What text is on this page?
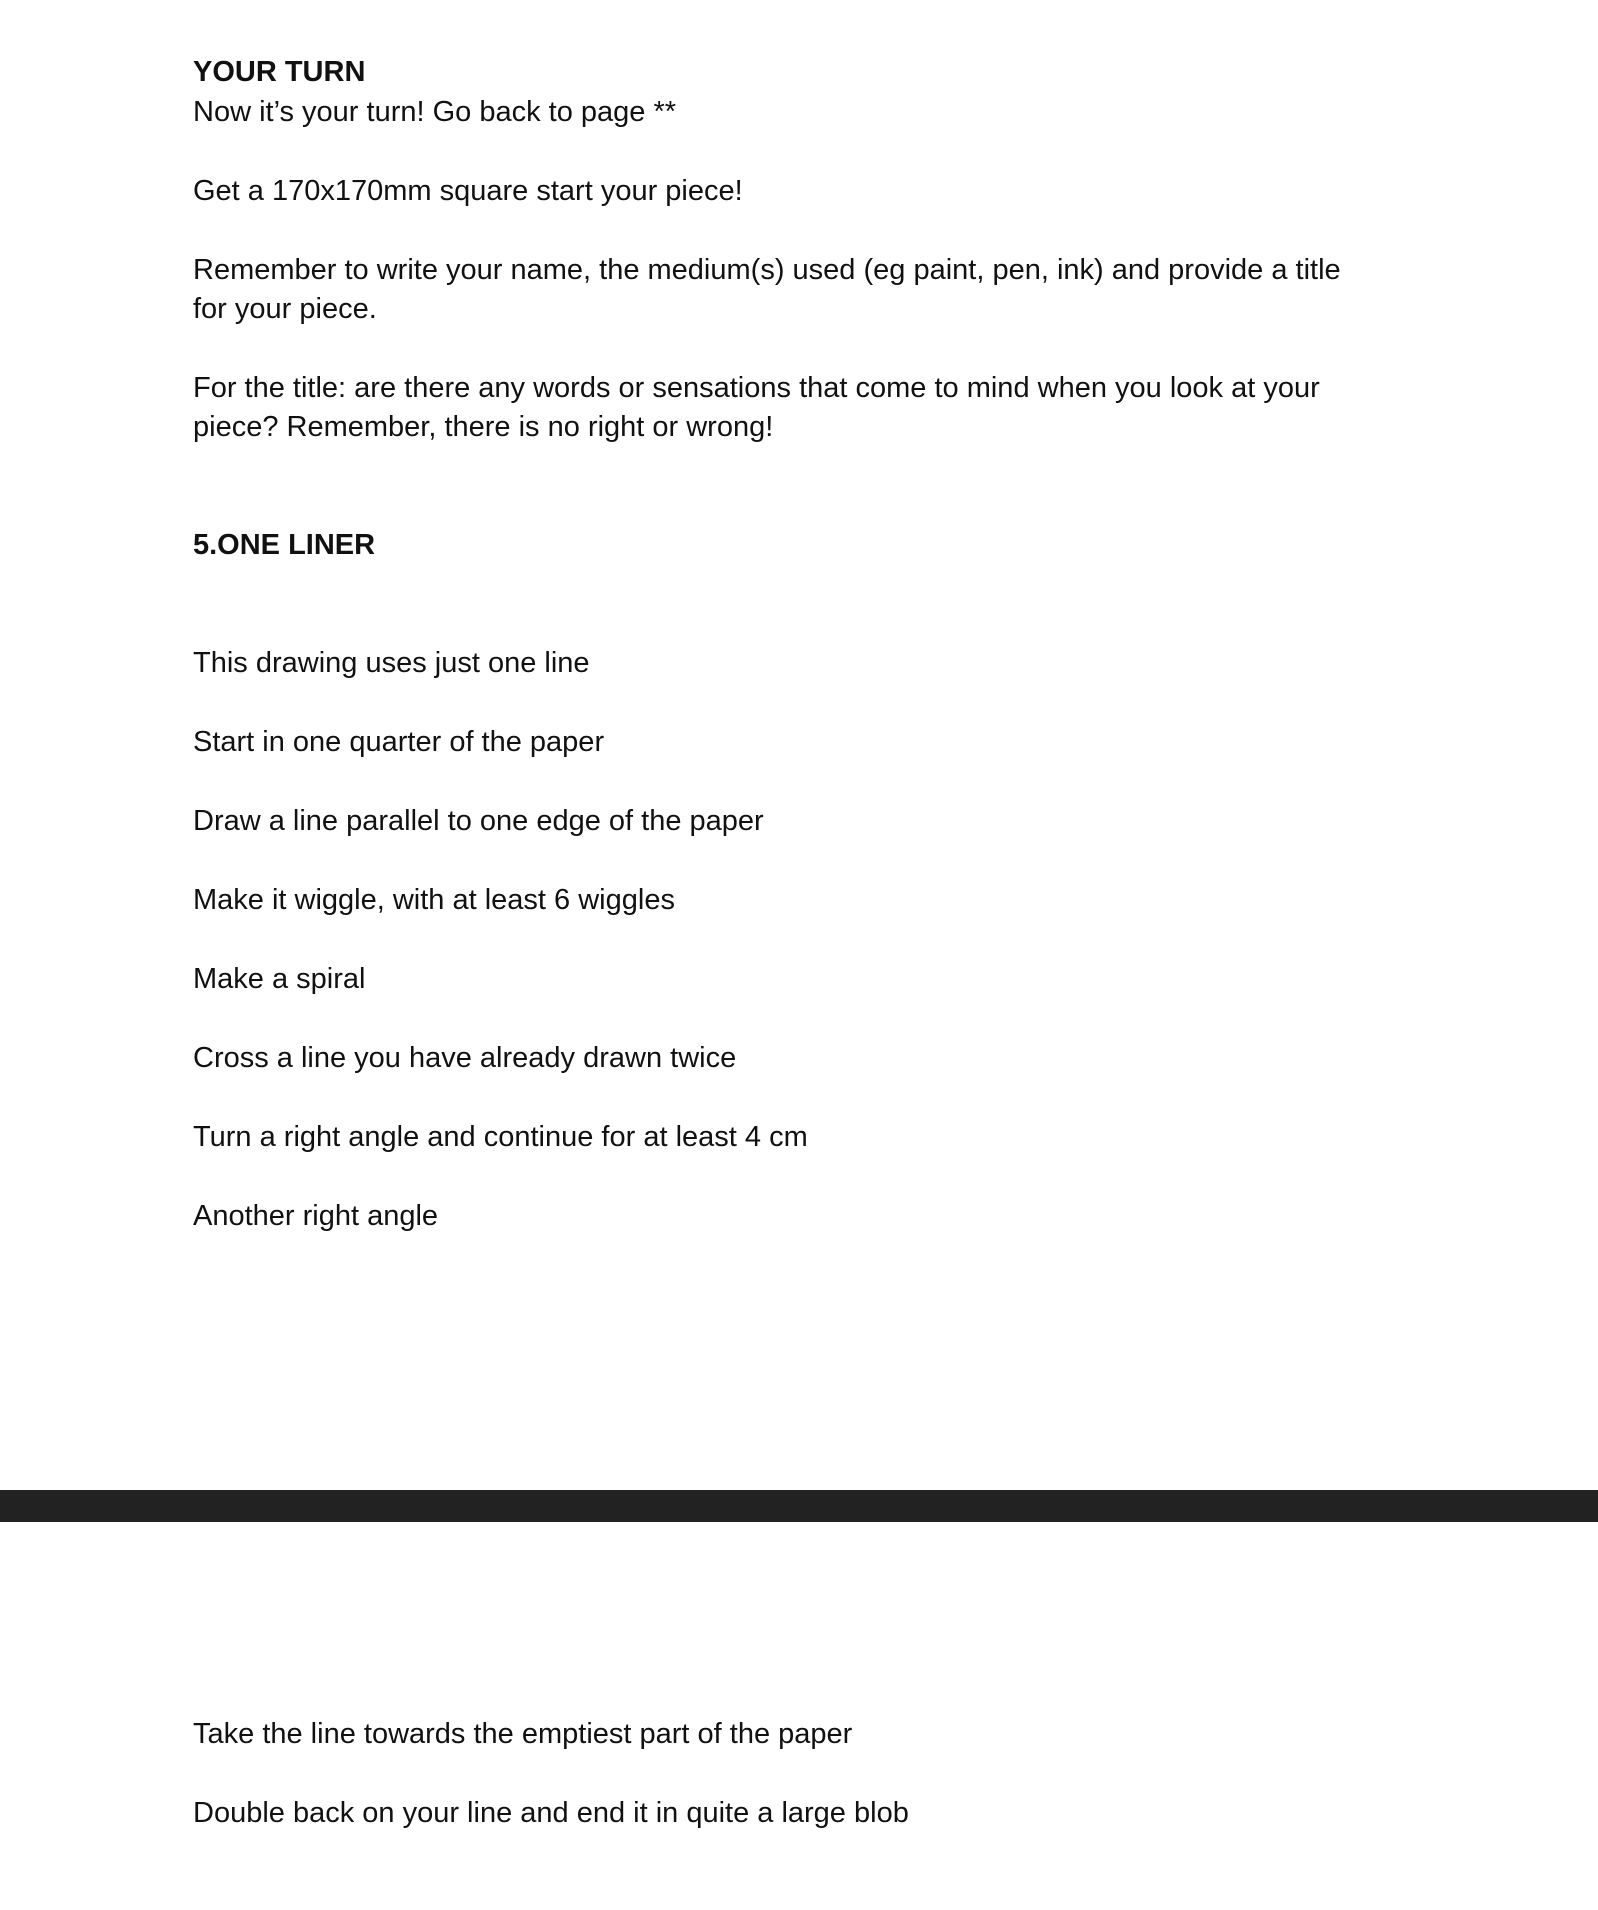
YOUR TURN
Now it’s your turn! Go back to page **
Get a 170x170mm square start your piece!
Remember to write your name, the medium(s) used (eg paint, pen, ink) and provide a title
for your piece.
For the title: are there any words or sensations that come to mind when you look at your
piece? Remember, there is no right or wrong!
5.ONE LINER
This drawing uses just one line
Start in one quarter of the paper
Draw a line parallel to one edge of the paper
Make it wiggle, with at least 6 wiggles
Make a spiral
Cross a line you have already drawn twice
Turn a right angle and continue for at least 4 cm
Another right angle
Take the line towards the emptiest part of the paper
Double back on your line and end it in quite a large blob
